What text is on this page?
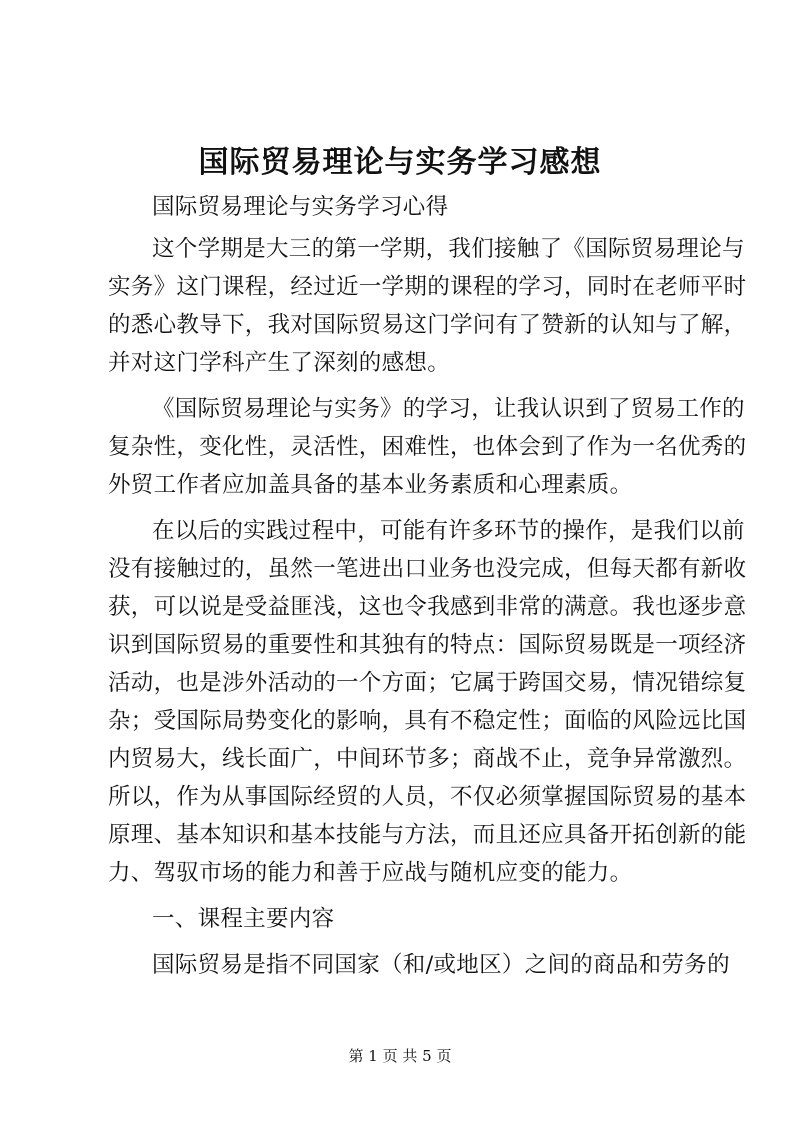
国际贸易理论与实务学习感想
国际贸易理论与实务学习心得
这个学期是大三的第一学期，我们接触了《国际贸易理论与
实务》这门课程，经过近一学期的课程的学习，同时在老师平时
的悉心教导下，我对国际贸易这门学问有了赞新的认知与了解，
并对这门学科产生了深刻的感想。
《国际贸易理论与实务》的学习，让我认识到了贸易工作的
复杂性，变化性，灵活性，困难性，也体会到了作为一名优秀的
外贸工作者应加盖具备的基本业务素质和心理素质。
在以后的实践过程中，可能有许多环节的操作，是我们以前
没有接触过的，虽然一笔进出口业务也没完成，但每天都有新收
获，可以说是受益匪浅，这也令我感到非常的满意。我也逐步意
识到国际贸易的重要性和其独有的特点：国际贸易既是一项经济
活动，也是涉外活动的一个方面；它属于跨国交易，情况错综复
杂；受国际局势变化的影响，具有不稳定性；面临的风险远比国
内贸易大，线长面广，中间环节多；商战不止，竞争异常激烈。
所以，作为从事国际经贸的人员，不仅必须掌握国际贸易的基本
原理、基本知识和基本技能与方法，而且还应具备开拓创新的能
力、驾驭市场的能力和善于应战与随机应变的能力。
一、课程主要内容
国际贸易是指不同国家（和/或地区）之间的商品和劳务的
第 1 页 共 5 页
